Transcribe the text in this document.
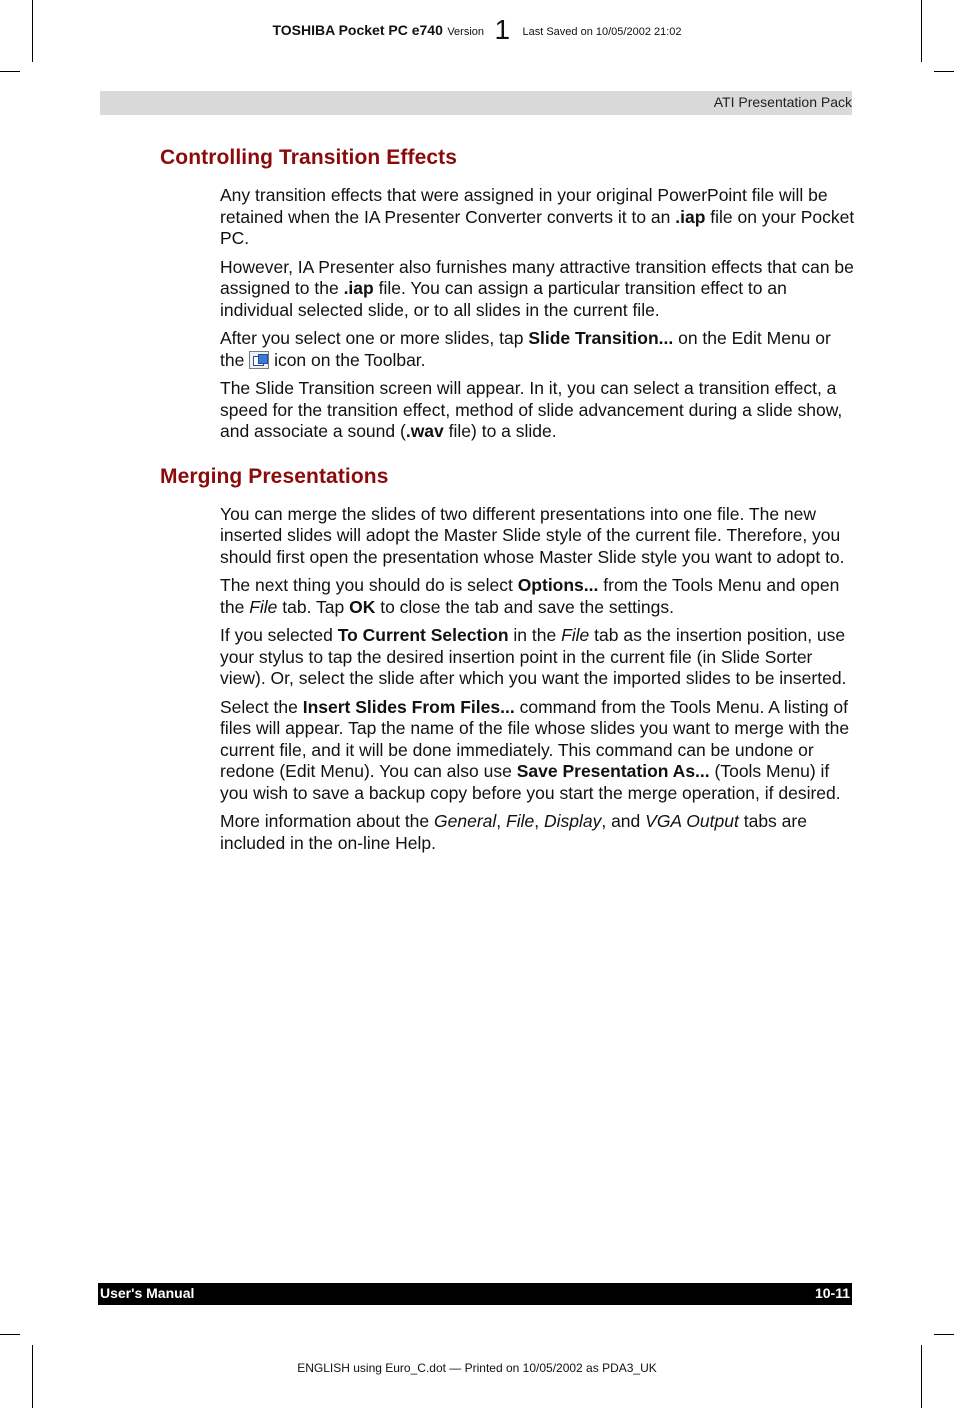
TOSHIBA Pocket PC e740 Version 1 Last Saved on 10/05/2002 21:02
ATI Presentation Pack
Controlling Transition Effects

Any transition effects that were assigned in your original PowerPoint file will be retained when the IA Presenter Converter converts it to an .iap file on your Pocket PC.

However, IA Presenter also furnishes many attractive transition effects that can be assigned to the .iap file. You can assign a particular transition effect to an individual selected slide, or to all slides in the current file.

After you select one or more slides, tap Slide Transition... on the Edit Menu or the  icon on the Toolbar.

The Slide Transition screen will appear. In it, you can select a transition effect, a speed for the transition effect, method of slide advancement during a slide show, and associate a sound (.wav file) to a slide.

Merging Presentations

You can merge the slides of two different presentations into one file. The new inserted slides will adopt the Master Slide style of the current file. Therefore, you should first open the presentation whose Master Slide style you want to adopt to.

The next thing you should do is select Options... from the Tools Menu and open the File tab. Tap OK to close the tab and save the settings.

If you selected To Current Selection in the File tab as the insertion position, use your stylus to tap the desired insertion point in the current file (in Slide Sorter view). Or, select the slide after which you want the imported slides to be inserted.

Select the Insert Slides From Files... command from the Tools Menu. A listing of files will appear. Tap the name of the file whose slides you want to merge with the current file, and it will be done immediately. This command can be undone or redone (Edit Menu). You can also use Save Presentation As... (Tools Menu) if you wish to save a backup copy before you start the merge operation, if desired.

More information about the General, File, Display, and VGA Output tabs are included in the on-line Help.

User's Manual	10-11
ENGLISH using Euro_C.dot — Printed on 10/05/2002 as PDA3_UK
